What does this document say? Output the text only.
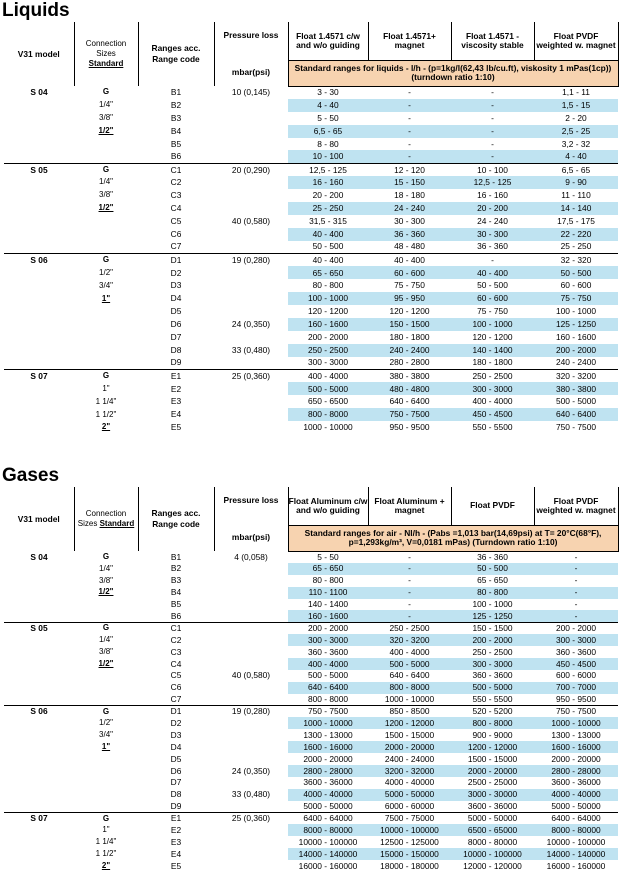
Liquids
V31 model	Connection
Sizes
Standard	Ranges acc.
Range code	Pressure loss

mbar(psi)	Float 1.4571 c/w and w/o guiding	Float 1.4571+ magnet	Float 1.4571 - viscosity stable	Float PVDF weighted w. magnet
				Standard ranges for liquids - l/h - (p=1kg/l(62,43 lb/cu.ft), viskosity 1 mPas(1cp)) (turndown ratio 1:10)			
S 04	G	B1	10 (0,145)	3 - 30	-	-	1,1 - 11
	1/4"	B2		4 - 40	-	-	1,5 - 15
	3/8"	B3		5 - 50	-	-	2 - 20
	1/2"	B4		6,5 - 65	-	-	2,5 - 25
		B5		8 - 80	-	-	3,2 - 32
		B6		10 - 100	-	-	4 - 40
S 05	G	C1	20 (0,290)	12,5 - 125	12 - 120	10 - 100	6,5 - 65
	1/4"	C2		16 - 160	15 - 150	12,5 - 125	9 - 90
	3/8"	C3		20 - 200	18 - 180	16 - 160	11 - 110
	1/2"	C4		25 - 250	24 - 240	20 - 200	14 - 140
		C5	40 (0,580)	31,5 - 315	30 - 300	24 - 240	17,5 - 175
		C6		40 - 400	36 - 360	30 - 300	22 - 220
		C7		50 - 500	48 - 480	36 - 360	25 - 250
S 06	G	D1	19 (0,280)	40 - 400	40 - 400	-	32 - 320
	1/2"	D2		65 - 650	60 - 600	40 - 400	50 - 500
	3/4"	D3		80 - 800	75 - 750	50 - 500	60 - 600
	1"	D4		100 - 1000	95 - 950	60 - 600	75 - 750
		D5		120 - 1200	120 - 1200	75 - 750	100 - 1000
		D6	24 (0,350)	160 - 1600	150 - 1500	100 - 1000	125 - 1250
		D7		200 - 2000	180 - 1800	120 - 1200	160 - 1600
		D8	33 (0,480)	250 - 2500	240 - 2400	140 - 1400	200 - 2000
		D9		300 - 3000	280 - 2800	180 - 1800	240 - 2400
S 07	G	E1	25 (0,360)	400 - 4000	380 - 3800	250 - 2500	320 - 3200
	1"	E2		500 - 5000	480 - 4800	300 - 3000	380 - 3800
	1 1/4"	E3		650 - 6500	640 - 6400	400 - 4000	500 - 5000
	1 1/2"	E4		800 - 8000	750 - 7500	450 - 4500	640 - 6400
	2"	E5		1000 - 10000	950 - 9500	550 - 5500	750 - 7500
Gases
V31 model	Connection
Sizes Standard	Ranges acc.
Range code	Pressure loss

mbar(psi)	Float Aluminum c/w and w/o guiding	Float Aluminum + magnet	Float PVDF	Float PVDF weighted w. magnet
				Standard ranges for air - Nl/h - (Pabs =1,013 bar(14,69psi) at T= 20°C(68°F), p=1,293kg/m³, V=0,0181 mPas) (Turndown ratio 1:10)			
S 04	G	B1	4 (0,058)	5 - 50	-	36 - 360	-
	1/4"	B2		65 - 650	-	50 - 500	-
	3/8"	B3		80 - 800	-	65 - 650	-
	1/2"	B4		110 - 1100	-	80 - 800	-
		B5		140 - 1400	-	100 - 1000	-
		B6		160 - 1600	-	125 - 1250	-
S 05	G	C1		200 - 2000	250 - 2500	150 - 1500	200 - 2000
	1/4"	C2		300 - 3000	320 - 3200	200 - 2000	300 - 3000
	3/8"	C3		360 - 3600	400 - 4000	250 - 2500	360 - 3600
	1/2"	C4		400 - 4000	500 - 5000	300 - 3000	450 - 4500
		C5	40 (0,580)	500 - 5000	640 - 6400	360 - 3600	600 - 6000
		C6		640 - 6400	800 - 8000	500 - 5000	700 - 7000
		C7		800 - 8000	1000 - 10000	550 - 5500	950 - 9500
S 06	G	D1	19 (0,280)	750 - 7500	850 - 8500	520 - 5200	750 - 7500
	1/2"	D2		1000 - 10000	1200 - 12000	800 - 8000	1000 - 10000
	3/4"	D3		1300 - 13000	1500 - 15000	900 - 9000	1300 - 13000
	1"	D4		1600 - 16000	2000 - 20000	1200 - 12000	1600 - 16000
		D5		2000 - 20000	2400 - 24000	1500 - 15000	2000 - 20000
		D6	24 (0,350)	2800 - 28000	3200 - 32000	2000 - 20000	2800 - 28000
		D7		3600 - 36000	4000 - 40000	2500 - 25000	3600 - 36000
		D8	33 (0,480)	4000 - 40000	5000 - 50000	3000 - 30000	4000 - 40000
		D9		5000 - 50000	6000 - 60000	3600 - 36000	5000 - 50000
S 07	G	E1	25 (0,360)	6400 - 64000	7500 - 75000	5000 - 50000	6400 - 64000
	1"	E2		8000 - 80000	10000 - 100000	6500 - 65000	8000 - 80000
	1 1/4"	E3		10000 - 100000	12500 - 125000	8000 - 80000	10000 - 100000
	1 1/2"	E4		14000 - 140000	15000 - 150000	10000 - 100000	14000 - 140000
	2"	E5		16000 - 160000	18000 - 180000	12000 - 120000	16000 - 160000
